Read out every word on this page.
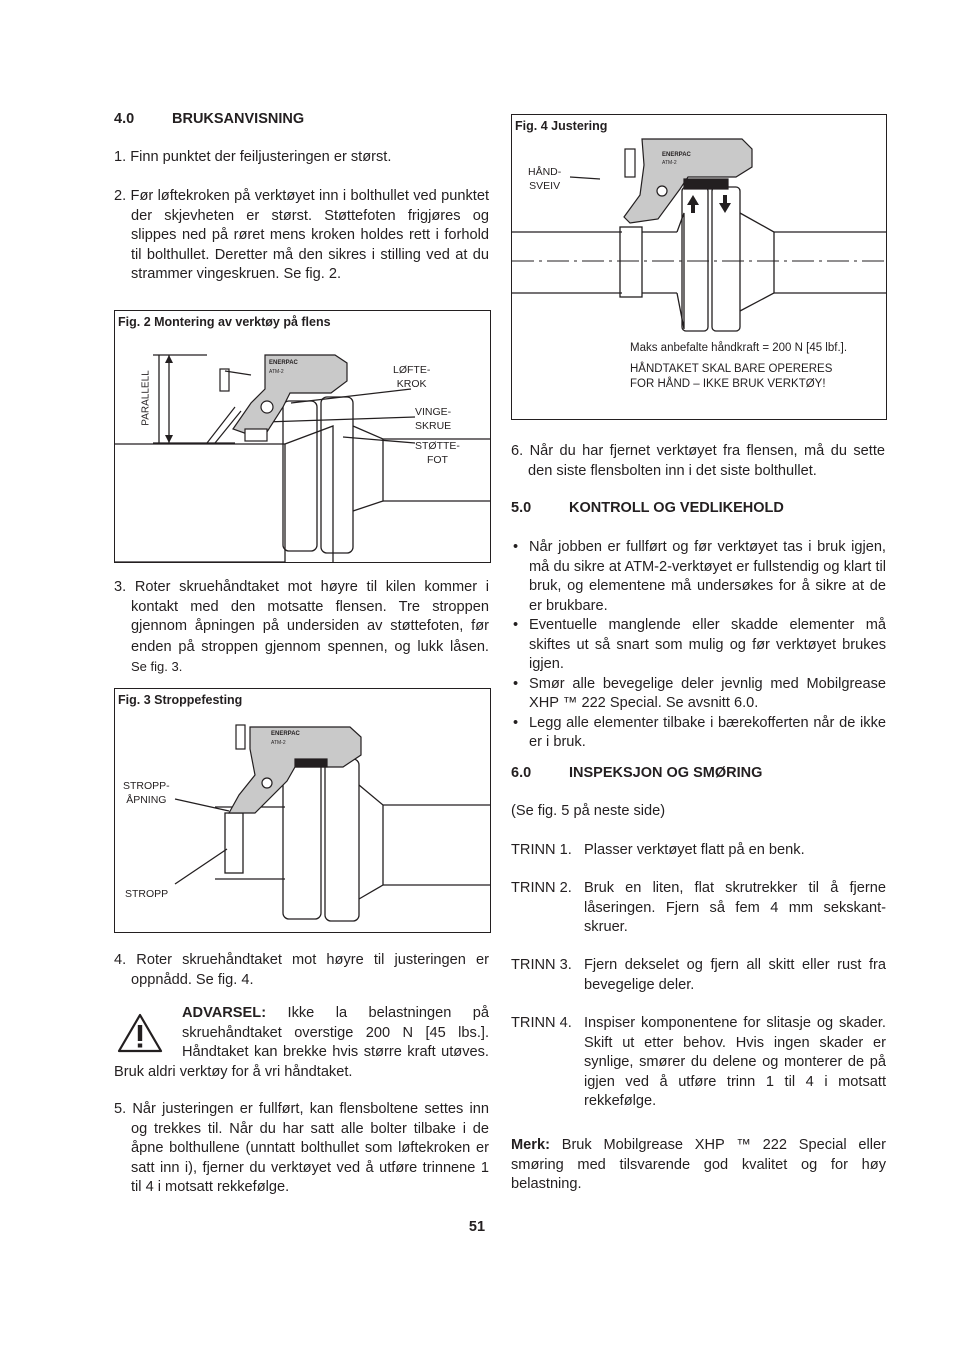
4.0	BRUKSANVISNING
1. Finn punktet der feiljusteringen er størst.
2. Før løftekroken på verktøyet inn i bolthullet ved punktet der skjevheten er størst. Støttefoten frigjøres og slippes ned på røret mens kroken holdes rett i forhold til bolthullet. Deretter må den sikres i stilling ved at du strammer vingeskruen. Se fig. 2.
Fig. 2 Montering av verktøy på flens
ENERPAC
ATM-2
PARALLELL
LØFTE-
KROK
VINGE-
SKRUE
STØTTE-
FOT
3. Roter skruehåndtaket mot høyre til kilen kommer i kontakt med den motsatte flensen. Tre stroppen gjennom åpningen på undersiden av støttefoten, før enden på stroppen gjennom spennen, og lukk låsen. Se fig. 3.
Fig. 3 Stroppefesting
ENERPAC
ATM-2
STROPP-
ÅPNING
STROPP
4. Roter skruehåndtaket mot høyre til justeringen er oppnådd. Se fig. 4.
ADVARSEL: Ikke la belastningen på skruehåndtaket overstige 200 N [45 lbs.]. Håndtaket kan brekke hvis større kraft utøves. Bruk aldri verktøy for å vri håndtaket.
5. Når justeringen er fullført, kan flensboltene settes inn og trekkes til. Når du har satt alle bolter tilbake i de åpne bolthullene (unntatt bolthullet som løftekroken er satt inn i), fjerner du verktøyet ved å utføre trinnene 1 til 4 i motsatt rekkefølge.
Fig. 4 Justering
ENERPAC
ATM-2
HÅND-
SVEIV
Maks anbefalte håndkraft = 200 N [45 lbf.].
HÅNDTAKET SKAL BARE OPERERES
FOR HÅND – IKKE BRUK VERKTØY!
6. Når du har fjernet verktøyet fra flensen, må du sette den siste flensbolten inn i det siste bolthullet.
5.0	KONTROLL OG VEDLIKEHOLD
• Når jobben er fullført og før verktøyet tas i bruk igjen, må du sikre at ATM-2-verktøyet er fullstendig og klart til bruk, og elementene må undersøkes for å sikre at de er brukbare.
• Eventuelle manglende eller skadde elementer må skiftes ut så snart som mulig og før verktøyet brukes igjen.
• Smør alle bevegelige deler jevnlig med Mobilgrease XHP ™ 222 Special. Se avsnitt 6.0.
• Legg alle elementer tilbake i bærekofferten når de ikke er i bruk.
6.0	INSPEKSJON OG SMØRING
(Se fig. 5 på neste side)
TRINN 1. Plasser verktøyet flatt på en benk.
TRINN 2. Bruk en liten, flat skrutrekker til å fjerne låseringen. Fjern så fem 4 mm sekskant-skruer.
TRINN 3. Fjern dekselet og fjern all skitt eller rust fra bevegelige deler.
TRINN 4. Inspiser komponentene for slitasje og skader. Skift ut etter behov. Hvis ingen skader er synlige, smører du delene og monterer de på igjen ved å utføre trinn 1 til 4 i motsatt rekkefølge.
Merk: Bruk Mobilgrease XHP ™ 222 Special eller smøring med tilsvarende god kvalitet og for høy belastning.
51
